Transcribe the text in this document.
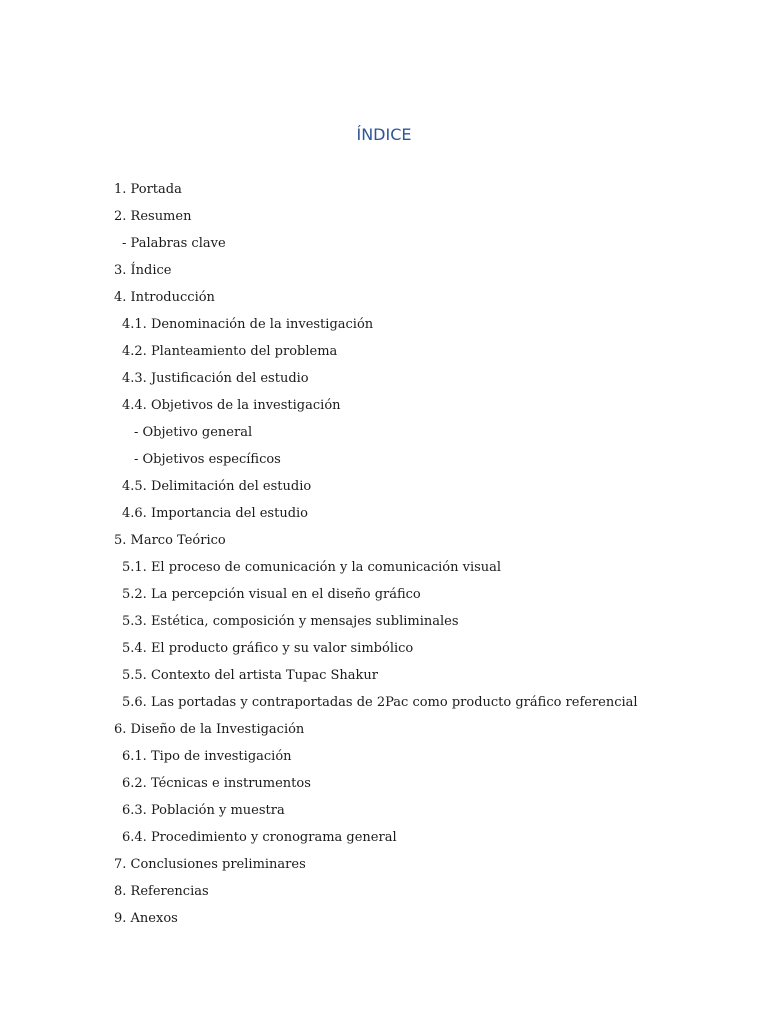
ÍNDICE
1. Portada
2. Resumen
- Palabras clave
3. Índice
4. Introducción
4.1. Denominación de la investigación
4.2. Planteamiento del problema
4.3. Justificación del estudio
4.4. Objetivos de la investigación
- Objetivo general
- Objetivos específicos
4.5. Delimitación del estudio
4.6. Importancia del estudio
5. Marco Teórico
5.1. El proceso de comunicación y la comunicación visual
5.2. La percepción visual en el diseño gráfico
5.3. Estética, composición y mensajes subliminales
5.4. El producto gráfico y su valor simbólico
5.5. Contexto del artista Tupac Shakur
5.6. Las portadas y contraportadas de 2Pac como producto gráfico referencial
6. Diseño de la Investigación
6.1. Tipo de investigación
6.2. Técnicas e instrumentos
6.3. Población y muestra
6.4. Procedimiento y cronograma general
7. Conclusiones preliminares
8. Referencias
9. Anexos
